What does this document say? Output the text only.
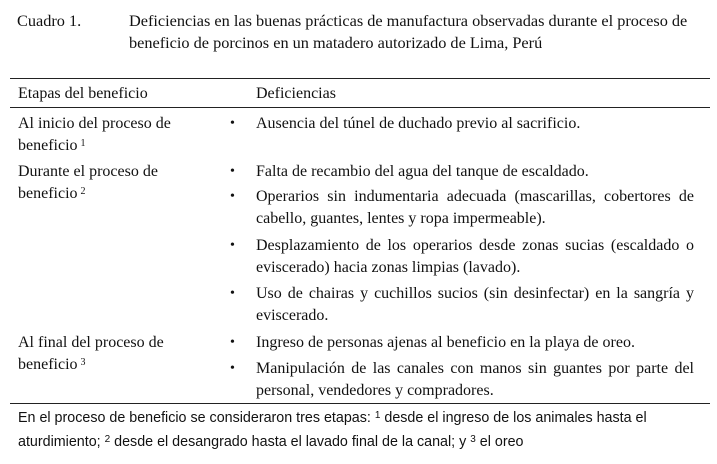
Cuadro 1.	Deficiencias en las buenas prácticas de manufactura observadas durante el proceso de beneficio de porcinos en un matadero autorizado de Lima, Perú
Etapas del beneficio	Deficiencias
Al inicio del proceso de beneficio $^1$
• Ausencia del túnel de duchado previo al sacrificio.
Durante el proceso de beneficio $^2$
• Falta de recambio del agua del tanque de escaldado.
• Operarios sin indumentaria adecuada (mascarillas, cobertores de cabello, guantes, lentes y ropa impermeable).
• Desplazamiento de los operarios desde zonas sucias (escaldado o eviscerado) hacia zonas limpias (lavado).
• Uso de chairas y cuchillos sucios (sin desinfectar) en la sangría y eviscerado.
Al final del proceso de beneficio $^3$
• Ingreso de personas ajenas al beneficio en la playa de oreo.
• Manipulación de las canales con manos sin guantes por parte del personal, vendedores y compradores.
En el proceso de beneficio se consideraron tres etapas: $^1$ desde el ingreso de los animales hasta el aturdimiento; $^2$ desde el desangrado hasta el lavado final de la canal; y $^3$ el oreo
